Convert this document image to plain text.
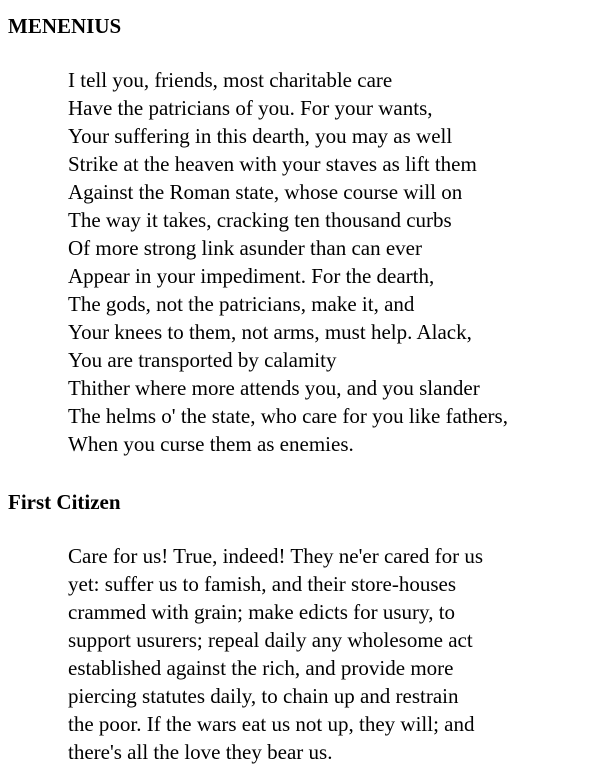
MENENIUS
I tell you, friends, most charitable care
Have the patricians of you. For your wants,
Your suffering in this dearth, you may as well
Strike at the heaven with your staves as lift them
Against the Roman state, whose course will on
The way it takes, cracking ten thousand curbs
Of more strong link asunder than can ever
Appear in your impediment. For the dearth,
The gods, not the patricians, make it, and
Your knees to them, not arms, must help. Alack,
You are transported by calamity
Thither where more attends you, and you slander
The helms o' the state, who care for you like fathers,
When you curse them as enemies.
First Citizen
Care for us! True, indeed! They ne'er cared for us
yet: suffer us to famish, and their store-houses
crammed with grain; make edicts for usury, to
support usurers; repeal daily any wholesome act
established against the rich, and provide more
piercing statutes daily, to chain up and restrain
the poor. If the wars eat us not up, they will; and
there's all the love they bear us.
